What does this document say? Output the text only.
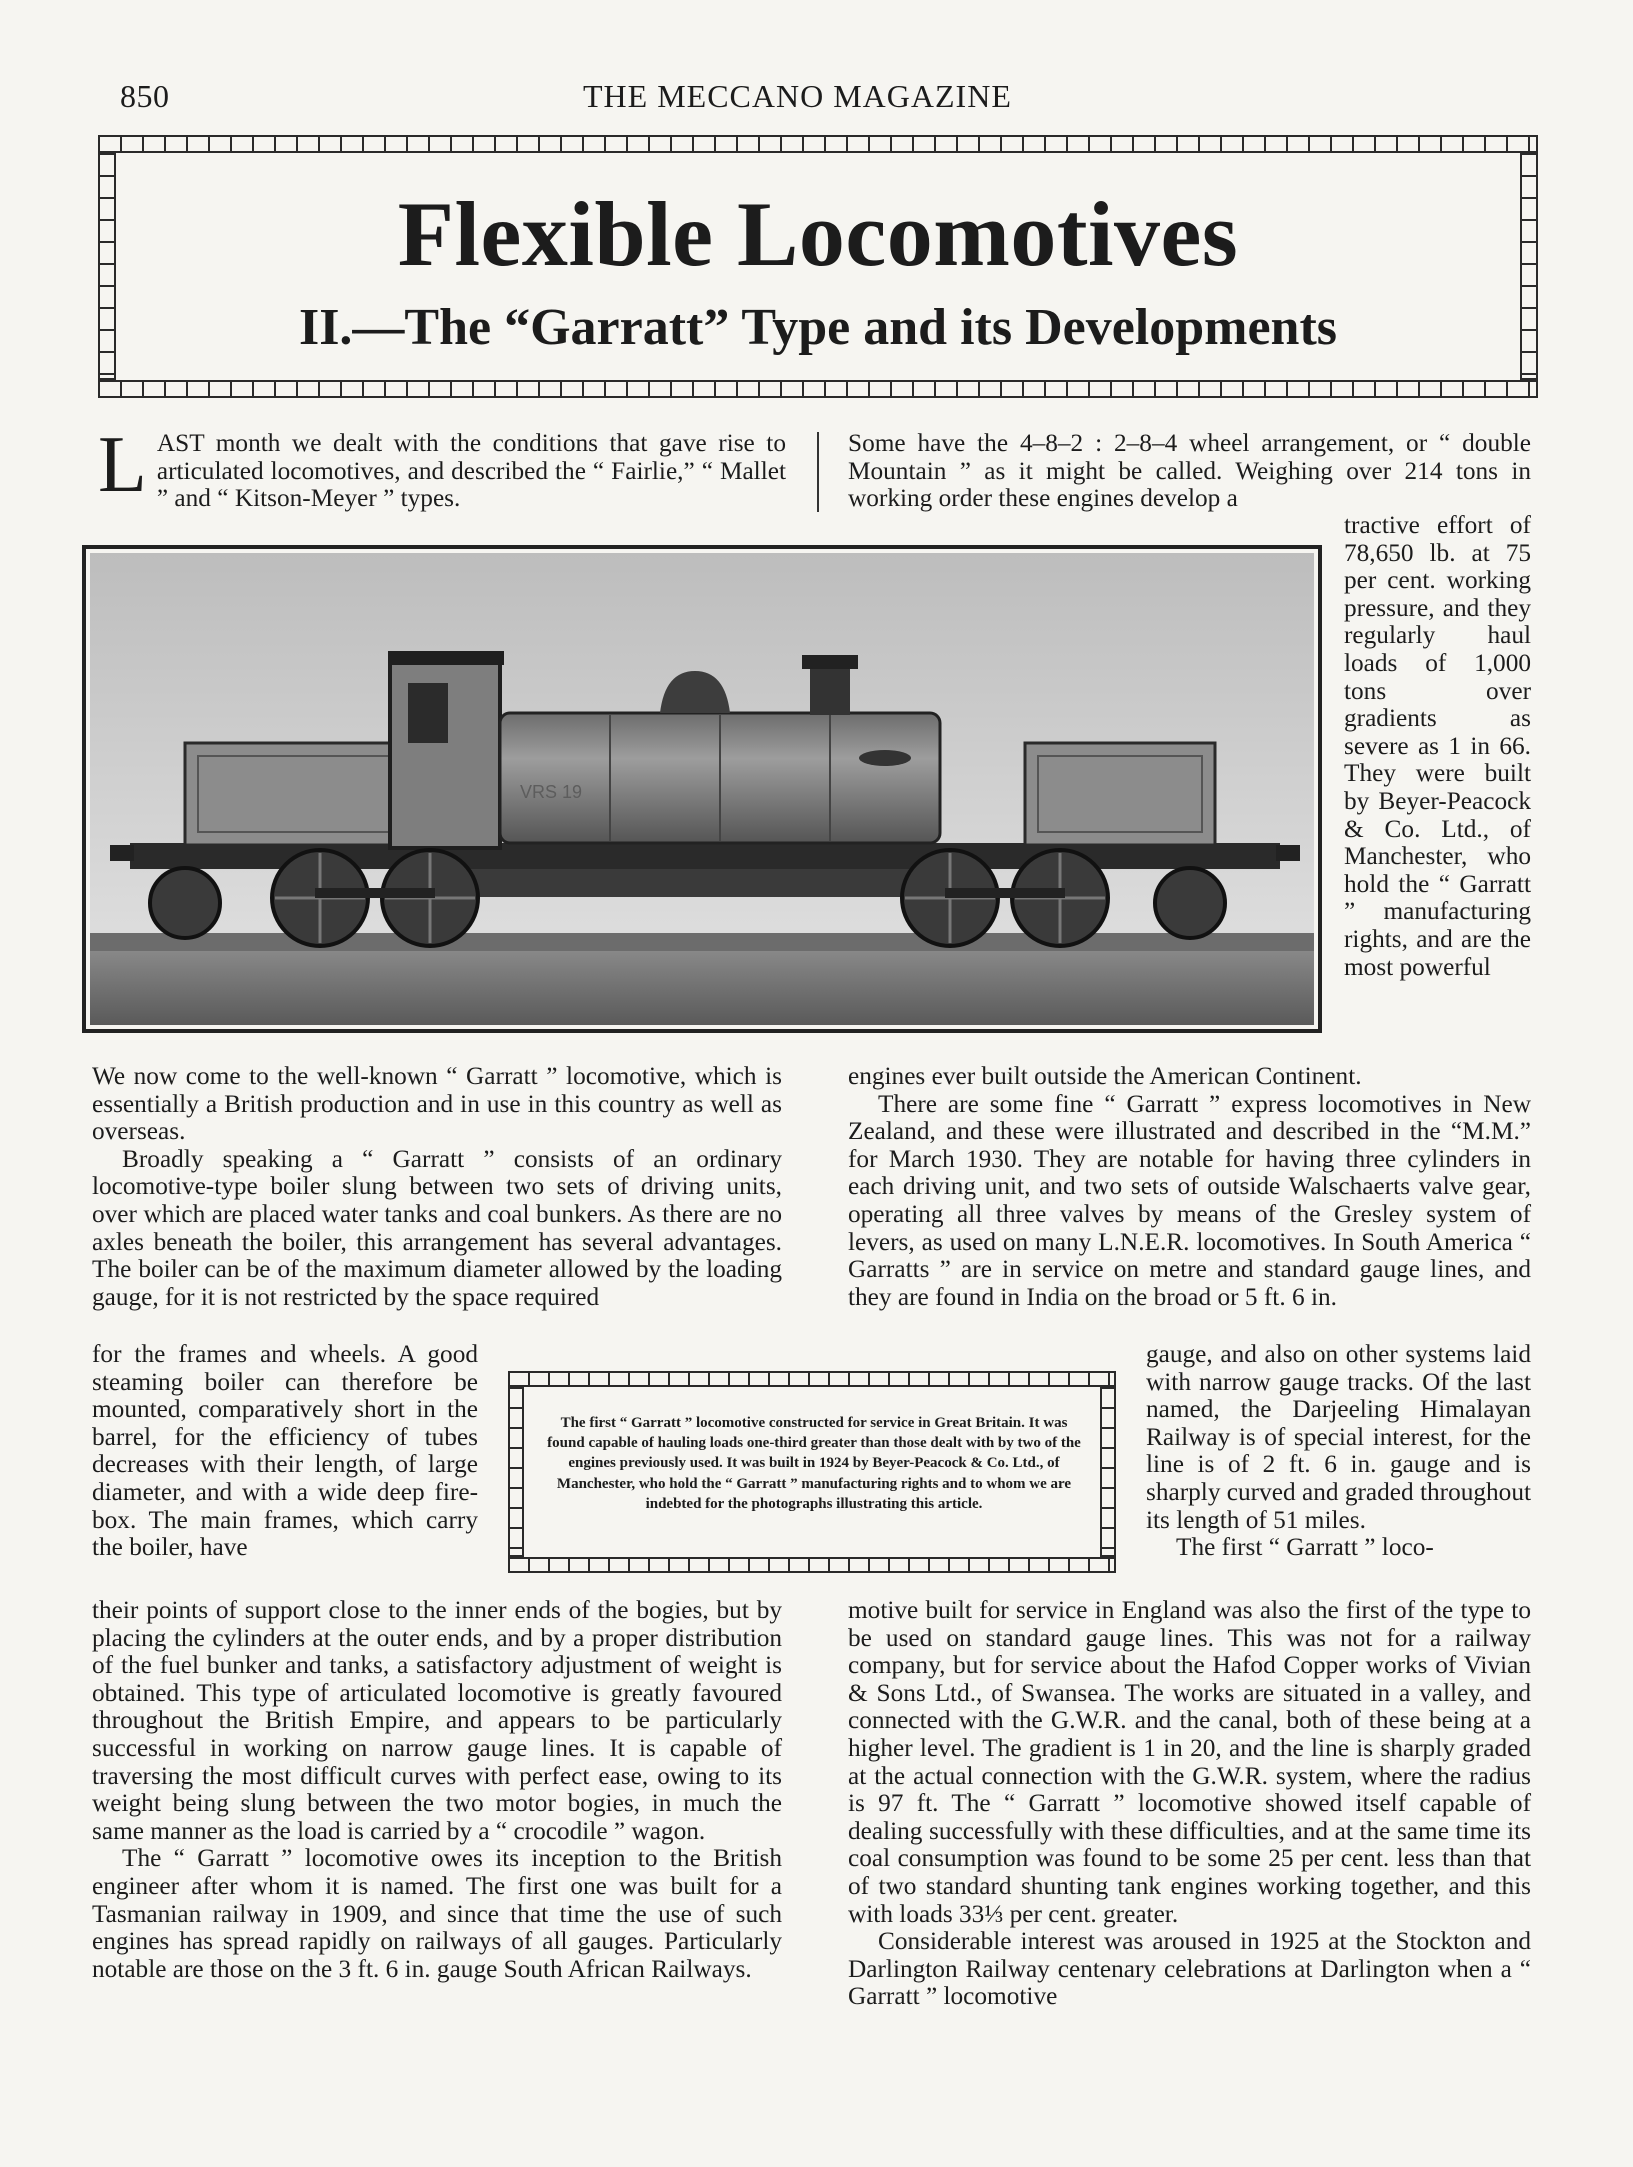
850	THE MECCANO MAGAZINE
Flexible Locomotives
II.—The “Garratt” Type and its Developments
L AST month we dealt with the conditions that gave rise to articulated locomotives, and described the “ Fairlie,” “ Mallet ” and “ Kitson-Meyer ” types.
Some have the 4–8–2 : 2–8–4 wheel arrangement, or “ double Mountain ” as it might be called. Weighing over 214 tons in working order these engines develop a
VRS 19
tractive effort of 78,650 lb. at 75 per cent. working pressure, and they regularly haul loads of 1,000 tons over gradients as severe as 1 in 66. They were built by Beyer-Peacock & Co. Ltd., of Manchester, who hold the “ Garratt ” manufacturing rights, and are the most powerful

We now come to the well-known “ Garratt ” locomotive, which is essentially a British production and in use in this country as well as overseas.

Broadly speaking a “ Garratt ” consists of an ordinary locomotive-type boiler slung between two sets of driving units, over which are placed water tanks and coal bunkers. As there are no axles beneath the boiler, this arrangement has several advantages. The boiler can be of the maximum diameter allowed by the loading gauge, for it is not restricted by the space required

for the frames and wheels. A good steaming boiler can therefore be mounted, comparatively short in the barrel, for the efficiency of tubes decreases with their length, of large diameter, and with a wide deep fire-box. The main frames, which carry the boiler, have

their points of support close to the inner ends of the bogies, but by placing the cylinders at the outer ends, and by a proper distribution of the fuel bunker and tanks, a satisfactory adjustment of weight is obtained. This type of articulated locomotive is greatly favoured throughout the British Empire, and appears to be particularly successful in working on narrow gauge lines. It is capable of traversing the most difficult curves with perfect ease, owing to its weight being slung between the two motor bogies, in much the same manner as the load is carried by a “ crocodile ” wagon.

The “ Garratt ” locomotive owes its inception to the British engineer after whom it is named. The first one was built for a Tasmanian railway in 1909, and since that time the use of such engines has spread rapidly on railways of all gauges. Particularly notable are those on the 3 ft. 6 in. gauge South African Railways.

engines ever built outside the American Continent.

There are some fine “ Garratt ” express locomotives in New Zealand, and these were illustrated and described in the “M.M.” for March 1930. They are notable for having three cylinders in each driving unit, and two sets of outside Walschaerts valve gear, operating all three valves by means of the Gresley system of levers, as used on many L.N.E.R. locomotives. In South America “ Garratts ” are in service on metre and standard gauge lines, and they are found in India on the broad or 5 ft. 6 in.

gauge, and also on other systems laid with narrow gauge tracks. Of the last named, the Darjeeling Himalayan Railway is of special interest, for the line is of 2 ft. 6 in. gauge and is sharply curved and graded throughout its length of 51 miles.

The first “ Garratt ” loco-

motive built for service in England was also the first of the type to be used on standard gauge lines. This was not for a railway company, but for service about the Hafod Copper works of Vivian & Sons Ltd., of Swansea. The works are situated in a valley, and connected with the G.W.R. and the canal, both of these being at a higher level. The gradient is 1 in 20, and the line is sharply graded at the actual connection with the G.W.R. system, where the radius is 97 ft. The “ Garratt ” locomotive showed itself capable of dealing successfully with these difficulties, and at the same time its coal consumption was found to be some 25 per cent. less than that of two standard shunting tank engines working together, and this with loads 33⅓ per cent. greater.

Considerable interest was aroused in 1925 at the Stockton and Darlington Railway centenary celebrations at Darlington when a “ Garratt ” locomotive

The first “ Garratt ” locomotive constructed for service in Great Britain. It was found capable of hauling loads one-third greater than those dealt with by two of the engines previously used. It was built in 1924 by Beyer-Peacock & Co. Ltd., of Manchester, who hold the “ Garratt ” manufacturing rights and to whom we are indebted for the photographs illustrating this article.
